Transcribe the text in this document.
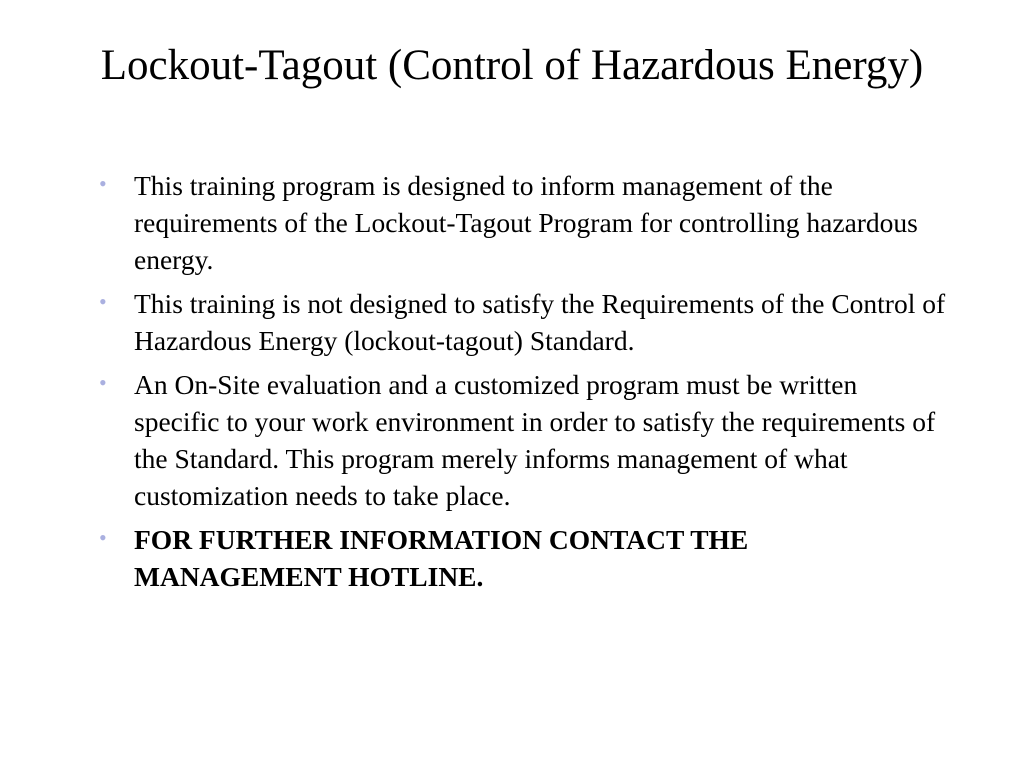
Lockout-Tagout (Control of Hazardous Energy)
• This training program is designed to inform management of the requirements of the Lockout-Tagout Program for controlling hazardous energy.
• This training is not designed to satisfy the Requirements of the Control of Hazardous Energy (lockout-tagout) Standard.
• An On-Site evaluation and a customized program must be written specific to your work environment in order to satisfy the requirements of the Standard. This program merely informs management of what customization needs to take place.
• FOR FURTHER INFORMATION CONTACT THE MANAGEMENT HOTLINE.
